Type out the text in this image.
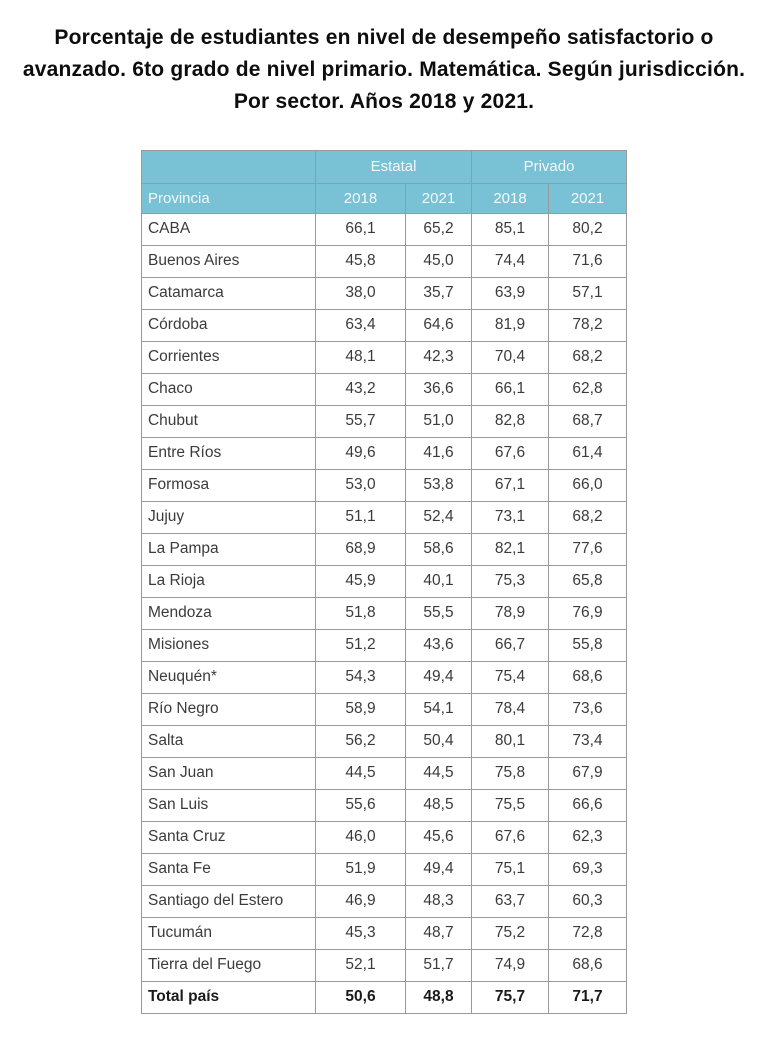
Porcentaje de estudiantes en nivel de desempeño satisfactorio o avanzado. 6to grado de nivel primario. Matemática. Según jurisdicción. Por sector. Años 2018 y 2021.
	Estatal		Privado	
Provincia	2018	2021	2018	2021
CABA	66,1	65,2	85,1	80,2
Buenos Aires	45,8	45,0	74,4	71,6
Catamarca	38,0	35,7	63,9	57,1
Córdoba	63,4	64,6	81,9	78,2
Corrientes	48,1	42,3	70,4	68,2
Chaco	43,2	36,6	66,1	62,8
Chubut	55,7	51,0	82,8	68,7
Entre Ríos	49,6	41,6	67,6	61,4
Formosa	53,0	53,8	67,1	66,0
Jujuy	51,1	52,4	73,1	68,2
La Pampa	68,9	58,6	82,1	77,6
La Rioja	45,9	40,1	75,3	65,8
Mendoza	51,8	55,5	78,9	76,9
Misiones	51,2	43,6	66,7	55,8
Neuquén*	54,3	49,4	75,4	68,6
Río Negro	58,9	54,1	78,4	73,6
Salta	56,2	50,4	80,1	73,4
San Juan	44,5	44,5	75,8	67,9
San Luis	55,6	48,5	75,5	66,6
Santa Cruz	46,0	45,6	67,6	62,3
Santa Fe	51,9	49,4	75,1	69,3
Santiago del Estero	46,9	48,3	63,7	60,3
Tucumán	45,3	48,7	75,2	72,8
Tierra del Fuego	52,1	51,7	74,9	68,6
Total país	50,6	48,8	75,7	71,7
